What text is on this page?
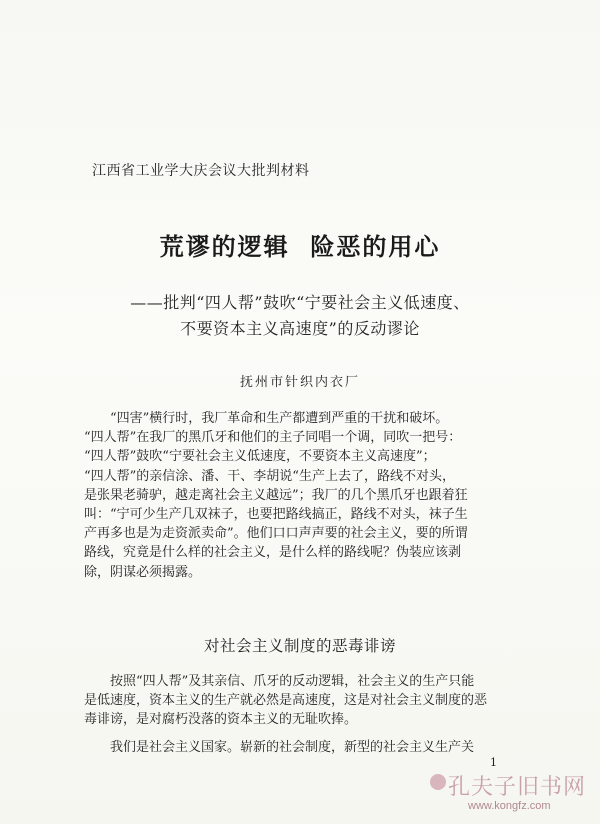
江西省工业学大庆会议大批判材料
荒谬的逻辑  险恶的用心
——批判“四人帮”鼓吹“宁要社会主义低速度、
不要资本主义高速度”的反动谬论
抚州市针织内衣厂
“四害”横行时，我厂革命和生产都遭到严重的干扰和破坏。
“四人帮”在我厂的黑爪牙和他们的主子同唱一个调，同吹一把号：
“四人帮”鼓吹“宁要社会主义低速度，不要资本主义高速度”；
“四人帮”的亲信涂、潘、干、李胡说“生产上去了，路线不对头，
是张果老骑驴，越走离社会主义越远”；我厂的几个黑爪牙也跟着狂
叫：“宁可少生产几双袜子，也要把路线搞正，路线不对头，袜子生
产再多也是为走资派卖命”。他们口口声声要的社会主义，要的所谓
路线，究竟是什么样的社会主义，是什么样的路线呢？伪装应该剥
除，阴谋必须揭露。
对社会主义制度的恶毒诽谤
按照“四人帮”及其亲信、爪牙的反动逻辑，社会主义的生产只能
是低速度，资本主义的生产就必然是高速度，这是对社会主义制度的恶
毒诽谤，是对腐朽没落的资本主义的无耻吹捧。
我们是社会主义国家。崭新的社会制度，新型的社会主义生产关
1
孔夫子旧书网
www.kongfz.com
